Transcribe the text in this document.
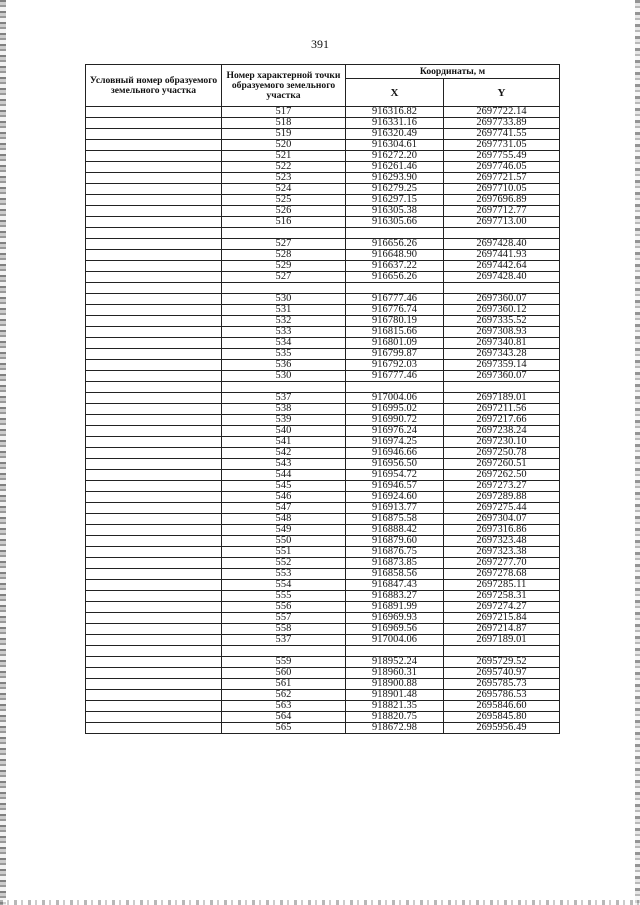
391
Условный номер образуемого земельного участка	Номер характерной точки образуемого земельного участка	Координаты, м	
		X	Y
	517	916316.82	2697722.14
	518	916331.16	2697733.89
	519	916320.49	2697741.55
	520	916304.61	2697731.05
	521	916272.20	2697755.49
	522	916261.46	2697746.05
	523	916293.90	2697721.57
	524	916279.25	2697710.05
	525	916297.15	2697696.89
	526	916305.38	2697712.77
	516	916305.66	2697713.00

	527	916656.26	2697428.40
	528	916648.90	2697441.93
	529	916637.22	2697442.64
	527	916656.26	2697428.40

	530	916777.46	2697360.07
	531	916776.74	2697360.12
	532	916780.19	2697335.52
	533	916815.66	2697308.93
	534	916801.09	2697340.81
	535	916799.87	2697343.28
	536	916792.03	2697359.14
	530	916777.46	2697360.07

	537	917004.06	2697189.01
	538	916995.02	2697211.56
	539	916990.72	2697217.66
	540	916976.24	2697238.24
	541	916974.25	2697230.10
	542	916946.66	2697250.78
	543	916956.50	2697260.51
	544	916954.72	2697262.50
	545	916946.57	2697273.27
	546	916924.60	2697289.88
	547	916913.77	2697275.44
	548	916875.58	2697304.07
	549	916888.42	2697316.86
	550	916879.60	2697323.48
	551	916876.75	2697323.38
	552	916873.85	2697277.70
	553	916858.56	2697278.68
	554	916847.43	2697285.11
	555	916883.27	2697258.31
	556	916891.99	2697274.27
	557	916969.93	2697215.84
	558	916969.56	2697214.87
	537	917004.06	2697189.01

	559	918952.24	2695729.52
	560	918960.31	2695740.97
	561	918900.88	2695785.73
	562	918901.48	2695786.53
	563	918821.35	2695846.60
	564	918820.75	2695845.80
	565	918672.98	2695956.49
